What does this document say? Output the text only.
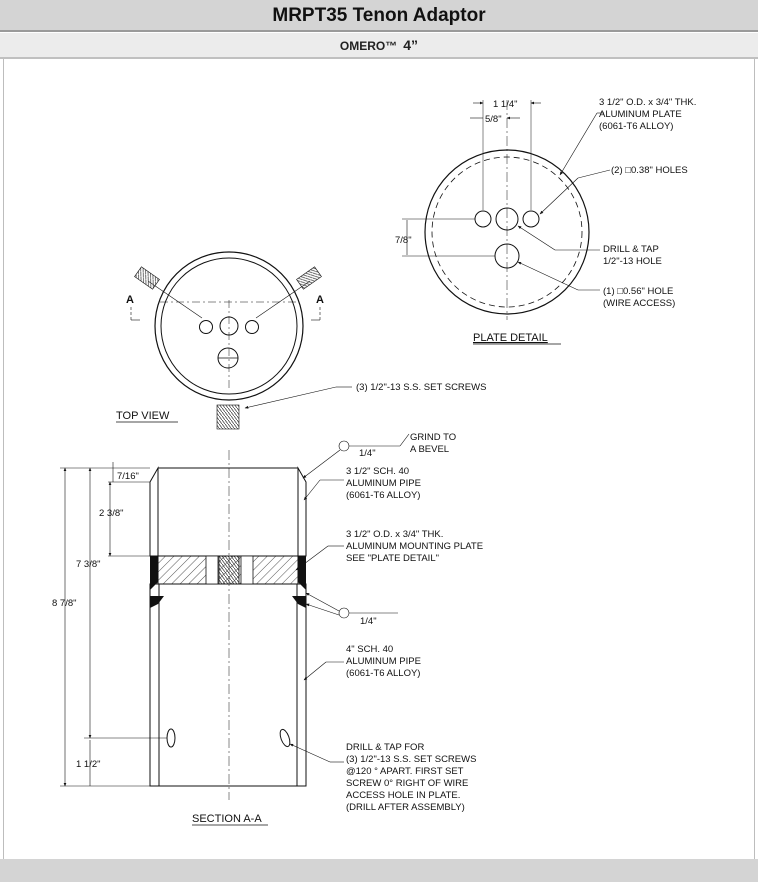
MRPT35 Tenon Adaptor
OMERO™ 4”
1 1/4"
5/8"
7/8"
3 1/2" O.D. x 3/4" THK.
ALUMINUM PLATE
(6061-T6 ALLOY)
(2) □0.38" HOLES
DRILL & TAP
1/2"-13 HOLE
(1) □0.56" HOLE
(WIRE ACCESS)
PLATE DETAIL
A	A
(3) 1/2"-13 S.S. SET SCREWS
TOP VIEW
7/16"
2 3/8"
7 3/8"
8 7/8"
1 1/2"
1/4"
GRIND TO
A BEVEL
3 1/2" SCH. 40
ALUMINUM PIPE
(6061-T6 ALLOY)
3 1/2" O.D. x 3/4" THK.
ALUMINUM MOUNTING PLATE
SEE "PLATE DETAIL"
1/4"
4" SCH. 40
ALUMINUM PIPE
(6061-T6 ALLOY)
DRILL & TAP FOR
(3) 1/2"-13 S.S. SET SCREWS
@120 ° APART. FIRST SET
SCREW 0° RIGHT OF WIRE
ACCESS HOLE IN PLATE.
(DRILL AFTER ASSEMBLY)
SECTION A-A
